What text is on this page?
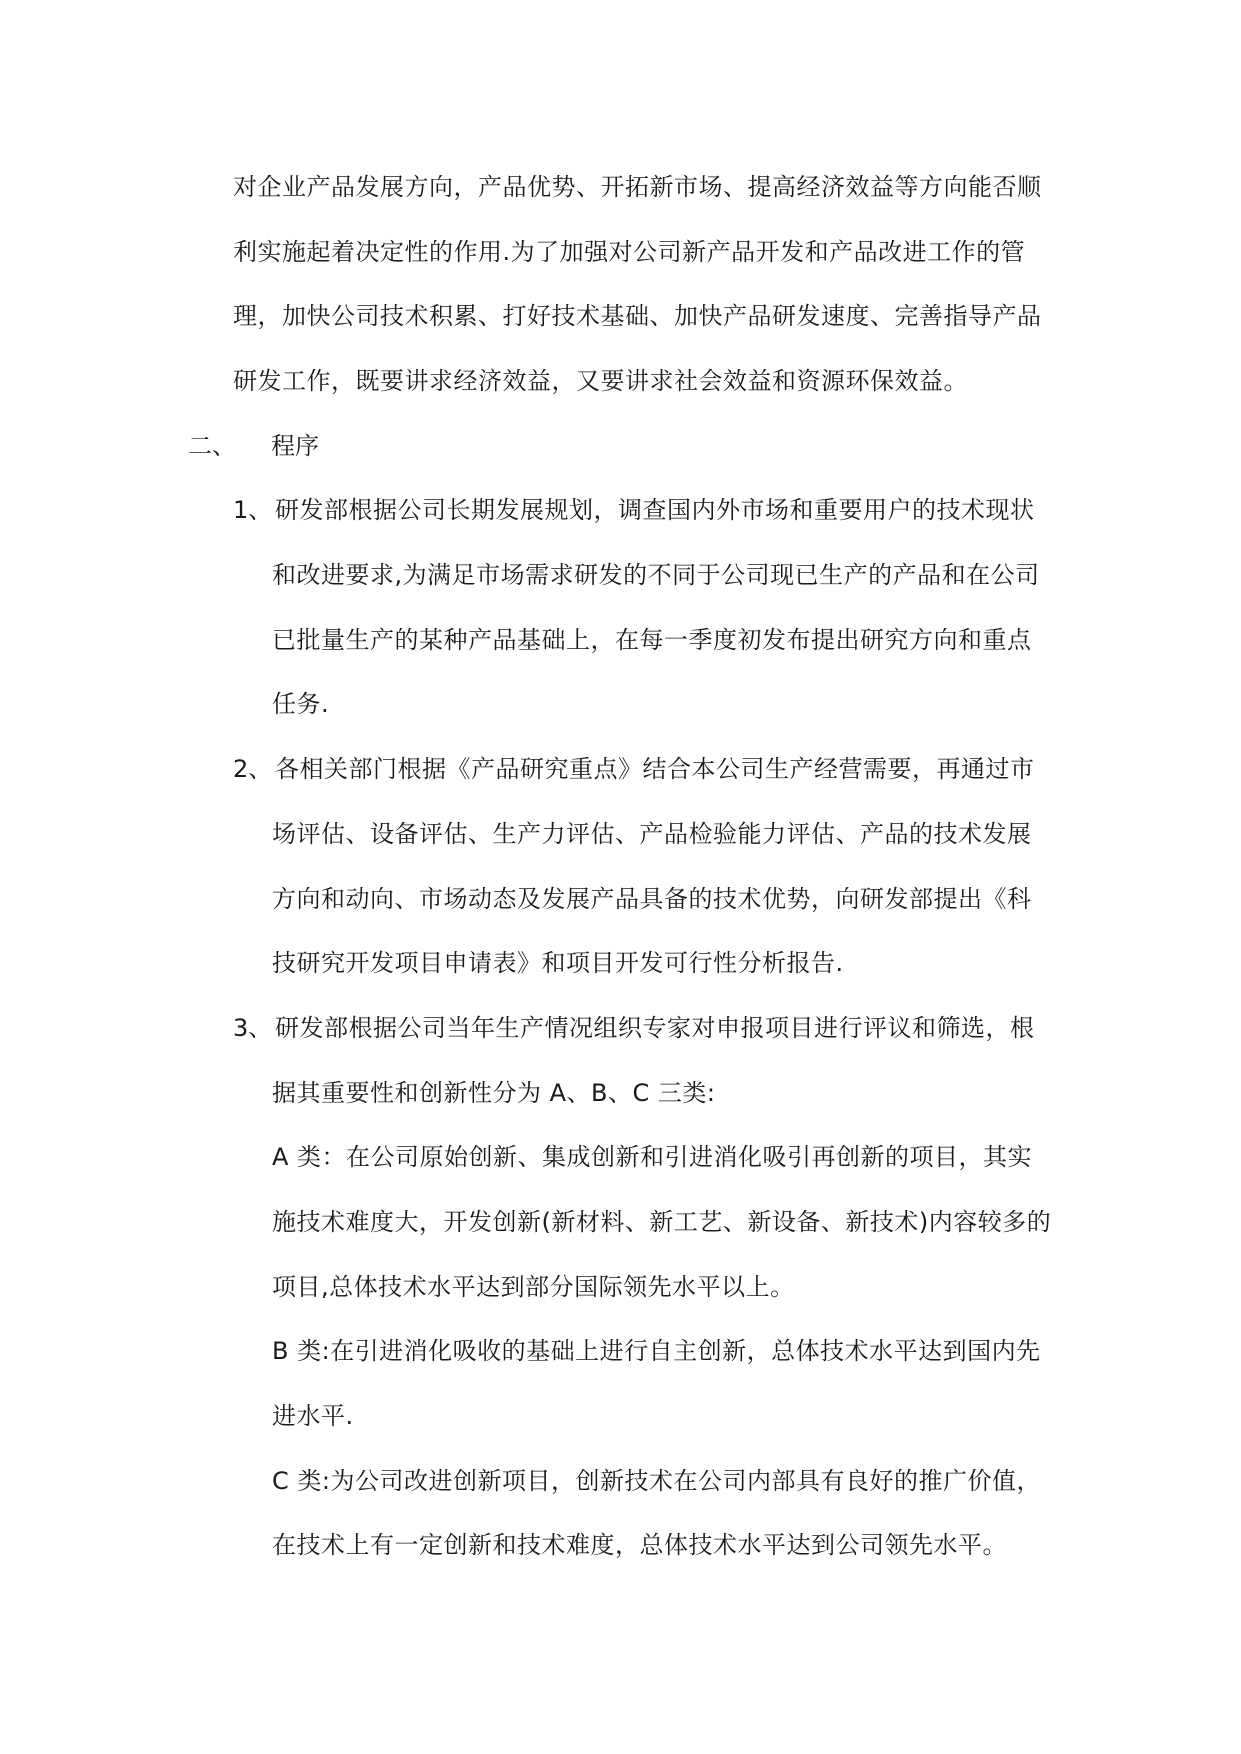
对企业产品发展方向，产品优势、开拓新市场、提高经济效益等方向能否顺
利实施起着决定性的作用.为了加强对公司新产品开发和产品改进工作的管
理，加快公司技术积累、打好技术基础、加快产品研发速度、完善指导产品
研发工作，既要讲求经济效益，又要讲求社会效益和资源环保效益。
二、 程序
1、 研发部根据公司长期发展规划，调查国内外市场和重要用户的技术现状
和改进要求,为满足市场需求研发的不同于公司现已生产的产品和在公司
已批量生产的某种产品基础上，在每一季度初发布提出研究方向和重点
任务.
2、 各相关部门根据《产品研究重点》结合本公司生产经营需要，再通过市
场评估、设备评估、生产力评估、产品检验能力评估、产品的技术发展
方向和动向、市场动态及发展产品具备的技术优势，向研发部提出《科
技研究开发项目申请表》和项目开发可行性分析报告.
3、 研发部根据公司当年生产情况组织专家对申报项目进行评议和筛选，根
据其重要性和创新性分为 A、B、C 三类:
A 类：在公司原始创新、集成创新和引进消化吸引再创新的项目，其实
施技术难度大，开发创新(新材料、新工艺、新设备、新技术)内容较多的
项目,总体技术水平达到部分国际领先水平以上。
B 类:在引进消化吸收的基础上进行自主创新，总体技术水平达到国内先
进水平.
C 类:为公司改进创新项目，创新技术在公司内部具有良好的推广价值，
在技术上有一定创新和技术难度，总体技术水平达到公司领先水平。
